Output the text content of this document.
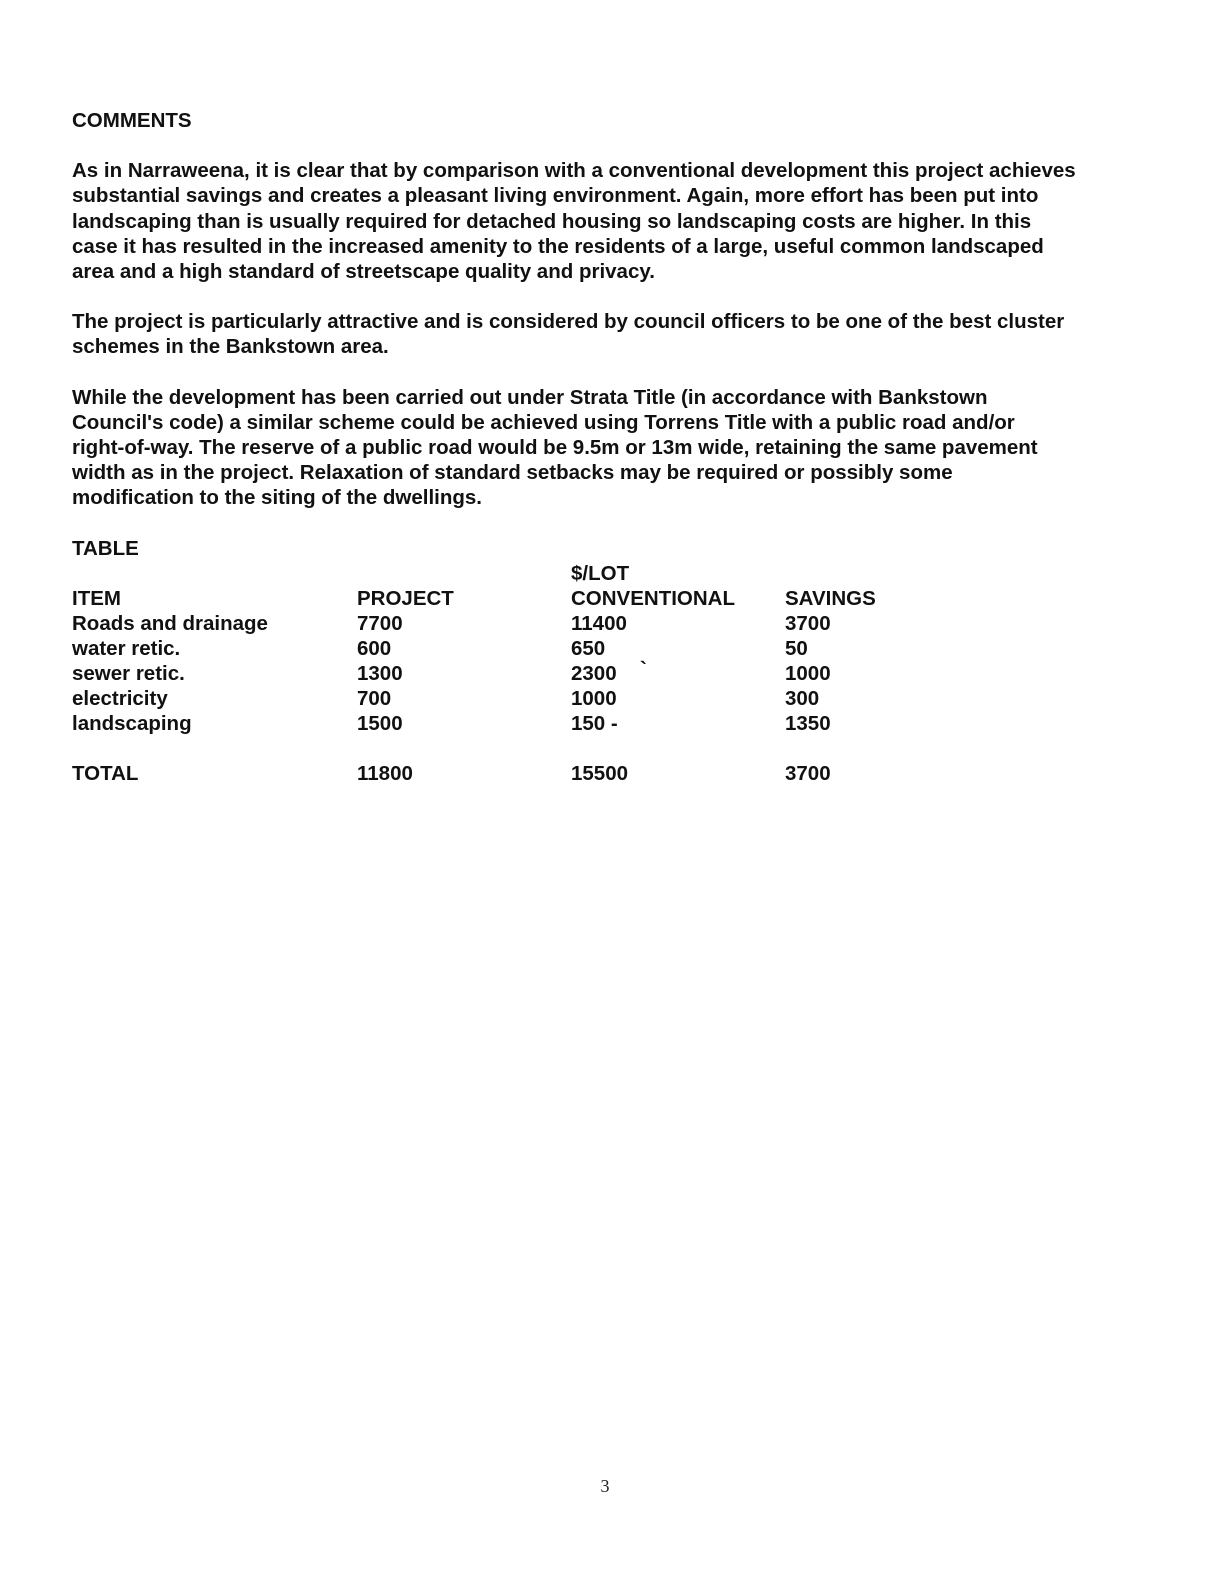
COMMENTS

As in Narraweena, it is clear that by comparison with a conventional development this project achieves
substantial savings and creates a pleasant living environment. Again, more effort has been put into
landscaping than is usually required for detached housing so landscaping costs are higher. In this
case it has resulted in the increased amenity to the residents of a large, useful common landscaped
area and a high standard of streetscape quality and privacy.

The project is particularly attractive and is considered by council officers to be one of the best cluster
schemes in the Bankstown area.

While the development has been carried out under Strata Title (in accordance with Bankstown
Council's code) a similar scheme could be achieved using Torrens Title with a public road and/or
right-of-way. The reserve of a public road would be 9.5m or 13m wide, retaining the same pavement
width as in the project. Relaxation of standard setbacks may be required or possibly some
modification to the siting of the dwellings.

TABLE

$/LOT
ITEM	PROJECT	CONVENTIONAL SAVINGS
Roads and drainage	7700	11400	3700
water retic.	600	650	50
sewer retic.	1300	2300 `	1000
electricity	700	1000	300
landscaping	1500	150 -	1350
TOTAL	11800	15500	3700
3
